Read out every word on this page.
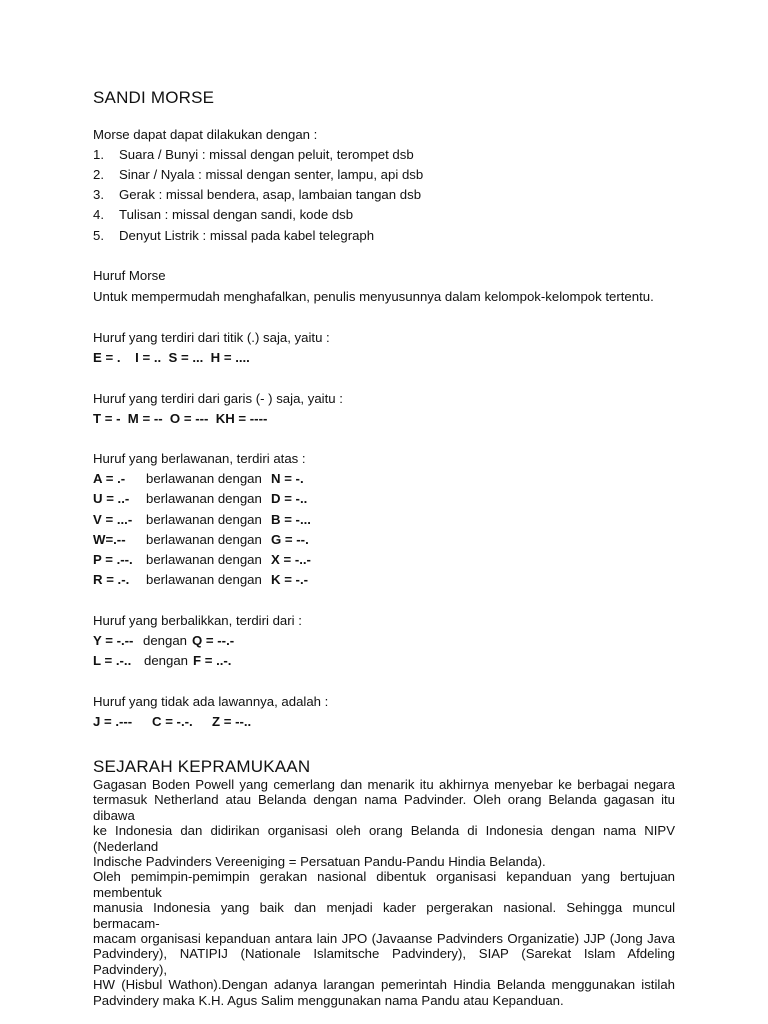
SANDI MORSE
Morse dapat dapat dilakukan dengan :
1. Suara / Bunyi : missal dengan peluit, terompet dsb
2. Sinar / Nyala : missal dengan senter, lampu, api dsb
3. Gerak : missal bendera, asap, lambaian tangan dsb
4. Tulisan : missal dengan sandi, kode dsb
5. Denyut Listrik : missal pada kabel telegraph
Huruf Morse
Untuk mempermudah menghafalkan, penulis menyusunnya dalam kelompok-kelompok tertentu.
Huruf yang terdiri dari titik (.) saja, yaitu :
E = .    I = ..  S = ...  H = ....
Huruf yang terdiri dari garis (- ) saja, yaitu :
T = -  M = --  O = ---  KH = ----
Huruf yang berlawanan, terdiri atas :
A = .- berlawanan dengan N = -.
U = ..- berlawanan dengan D = -..
V = ...- berlawanan dengan B = -...
W=.-- berlawanan dengan G = --.
P = .--. berlawanan dengan X = -..-
R = .-. berlawanan dengan K = -.-
Huruf yang berbalikkan, terdiri dari :
Y = -.-- dengan Q = --.-
L = .-.. dengan F = ..-.
Huruf yang tidak ada lawannya, adalah :
J = .--- C = -.-. Z = --..
SEJARAH KEPRAMUKAAN
Gagasan Boden Powell yang cemerlang dan menarik itu akhirnya menyebar ke berbagai negara
termasuk Netherland atau Belanda dengan nama Padvinder. Oleh orang Belanda gagasan itu dibawa
ke Indonesia dan didirikan organisasi oleh orang Belanda di Indonesia dengan nama NIPV (Nederland
Indische Padvinders Vereeniging = Persatuan Pandu-Pandu Hindia Belanda).
Oleh pemimpin-pemimpin gerakan nasional dibentuk organisasi kepanduan yang bertujuan membentuk
manusia Indonesia yang baik dan menjadi kader pergerakan nasional. Sehingga muncul bermacam-
macam organisasi kepanduan antara lain JPO (Javaanse Padvinders Organizatie) JJP (Jong Java
Padvindery), NATIPIJ (Nationale Islamitsche Padvindery), SIAP (Sarekat Islam Afdeling Padvindery),
HW (Hisbul Wathon).Dengan adanya larangan pemerintah Hindia Belanda menggunakan istilah
Padvindery maka K.H. Agus Salim menggunakan nama Pandu atau Kepanduan.
